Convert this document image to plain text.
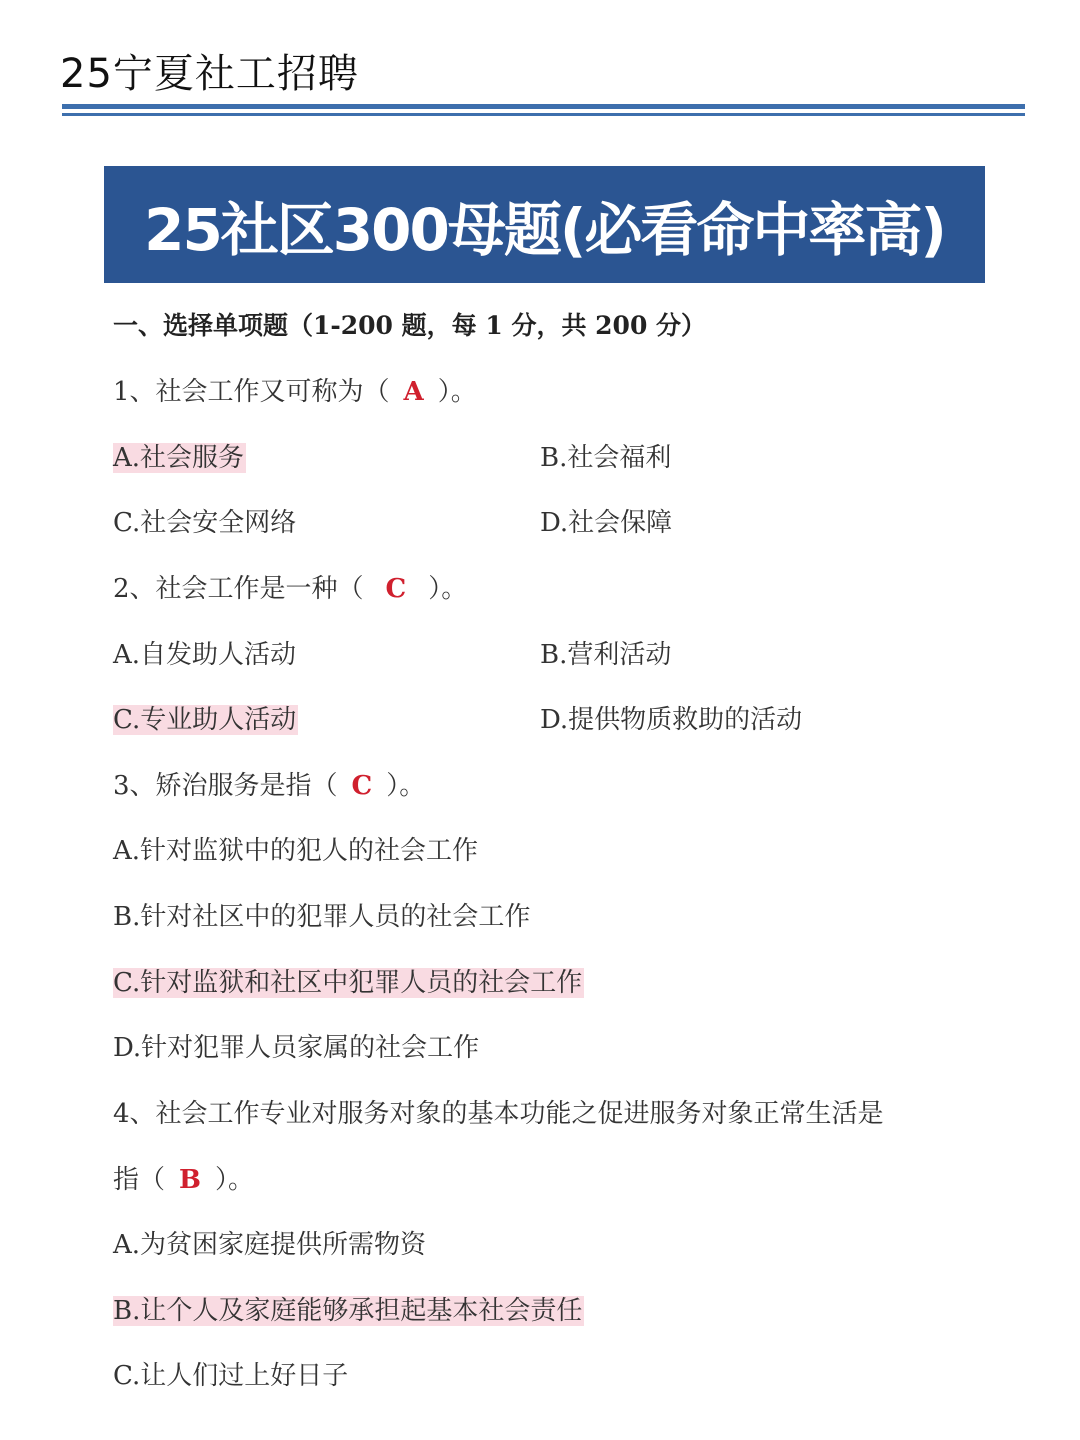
25宁夏社工招聘
25社区300母题(必看命中率高)
一、选择单项题（1-200 题，每 1 分，共 200 分）
1、社会工作又可称为（ A ）。
A.社会服务	B.社会福利
C.社会安全网络	D.社会保障
2、社会工作是一种（ C ）。
A.自发助人活动	B.营利活动
C.专业助人活动	D.提供物质救助的活动
3、矫治服务是指（ C ）。
A.针对监狱中的犯人的社会工作
B.针对社区中的犯罪人员的社会工作
C.针对监狱和社区中犯罪人员的社会工作
D.针对犯罪人员家属的社会工作
4、社会工作专业对服务对象的基本功能之促进服务对象正常生活是
指（ B ）。
A.为贫困家庭提供所需物资
B.让个人及家庭能够承担起基本社会责任
C.让人们过上好日子
